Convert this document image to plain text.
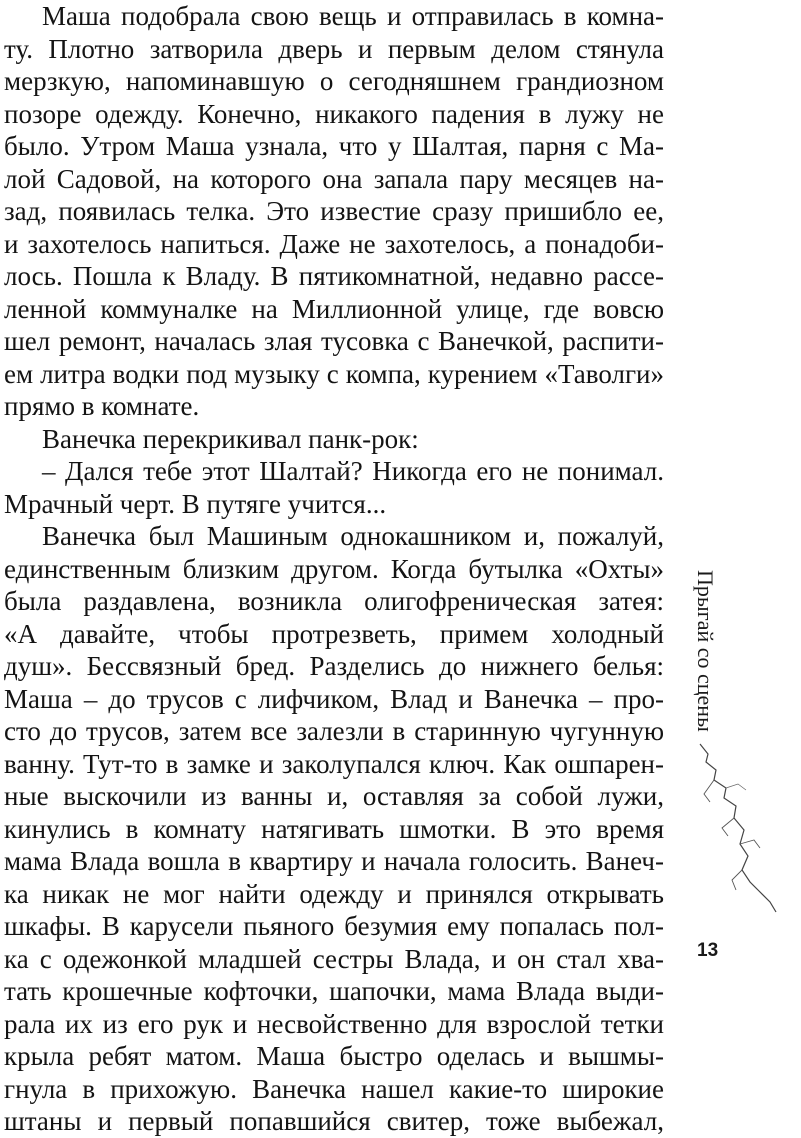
Маша подобрала свою вещь и отправилась в комна-
ту. Плотно затворила дверь и первым делом стянула
мерзкую, напоминавшую о сегодняшнем грандиозном
позоре одежду. Конечно, никакого падения в лужу не
было. Утром Маша узнала, что у Шалтая, парня с Ма-
лой Садовой, на которого она запала пару месяцев на-
зад, появилась телка. Это известие сразу пришибло ее,
и захотелось напиться. Даже не захотелось, а понадоби-
лось. Пошла к Владу. В пятикомнатной, недавно рассе-
ленной коммуналке на Миллионной улице, где вовсю
шел ремонт, началась злая тусовка с Ванечкой, распити-
ем литра водки под музыку с компа, курением «Таволги»
прямо в комнате.
Ванечка перекрикивал панк-рок:
– Дался тебе этот Шалтай? Никогда его не понимал.
Мрачный черт. В путяге учится...
Ванечка был Машиным однокашником и, пожалуй,
единственным близким другом. Когда бутылка «Охты»
была раздавлена, возникла олигофреническая затея:
«А давайте, чтобы протрезветь, примем холодный
душ». Бессвязный бред. Разделись до нижнего белья:
Маша – до трусов с лифчиком, Влад и Ванечка – про-
сто до трусов, затем все залезли в старинную чугунную
ванну. Тут-то в замке и заколупался ключ. Как ошпарен-
ные выскочили из ванны и, оставляя за собой лужи,
кинулись в комнату натягивать шмотки. В это время
мама Влада вошла в квартиру и начала голосить. Ванеч-
ка никак не мог найти одежду и принялся открывать
шкафы. В карусели пьяного безумия ему попалась пол-
ка с одежонкой младшей сестры Влада, и он стал хва-
тать крошечные кофточки, шапочки, мама Влада выди-
рала их из его рук и несвойственно для взрослой тетки
крыла ребят матом. Маша быстро оделась и вышмы-
гнула в прихожую. Ванечка нашел какие-то широкие
штаны и первый попавшийся свитер, тоже выбежал,
Прыгай со сцены
13
